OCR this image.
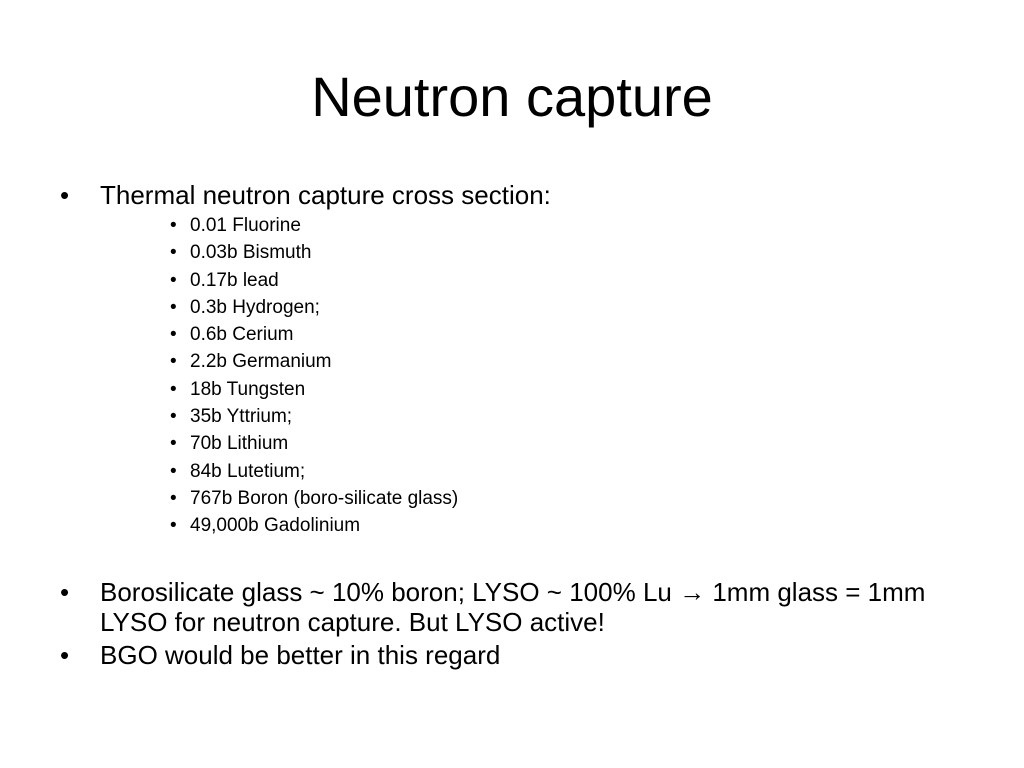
Neutron capture
•	Thermal neutron capture cross section:
• 0.01 Fluorine
• 0.03b Bismuth
• 0.17b lead
• 0.3b Hydrogen;
• 0.6b Cerium
• 2.2b Germanium
• 18b Tungsten
• 35b Yttrium;
• 70b Lithium
• 84b Lutetium;
• 767b Boron (boro-silicate glass)
• 49,000b Gadolinium
•	Borosilicate glass ~ 10% boron; LYSO ~ 100% Lu → 1mm glass = 1mm LYSO for neutron capture. But LYSO active!
•	BGO would be better in this regard
